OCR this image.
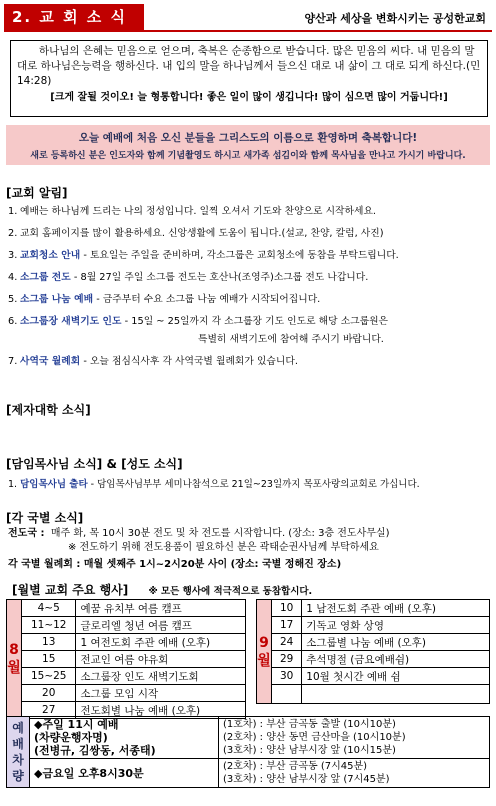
2. 교 회 소 식	양산과 세상을 변화시키는 공성한교회
하나님의 은혜는 믿음으로 얻으며, 축복은 순종함으로 받습니다. 많은 믿음의 씨다. 내 믿음의 말대로 하나님은능력을 행하신다. 내 입의 말을 하나님께서 들으신 대로 내 삶이 그 대로 되게 하신다.(민 14:28)
[크게 잘될 것이오! 늘 형통합니다! 좋은 일이 많이 생깁니다! 많이 심으면 많이 거둡니다!]
오늘 예배에 처음 오신 분들을 그리스도의 이름으로 환영하며 축복합니다!
새로 등록하신 분은 인도자와 함께 기념촬영도 하시고 새가족 섬김이와 함께 목사님을 만나고 가시기 바랍니다.
[교회 알림]
1. 예배는 하나님께 드리는 나의 정성입니다. 일찍 오셔서 기도와 찬양으로 시작하세요.
2. 교회 홈페이지를 많이 활용하세요. 신앙생활에 도움이 됩니다.(설교, 찬양, 칼럼, 사진)
3. 교회청소 안내 - 토요일는 주일을 준비하며, 각소그룹은 교회청소에 동참을 부탁드립니다.
4. 소그룹 전도 - 8월 27일 주일 소그룹 전도는 호산나(조영주)소그룹 전도 나갑니다.
5. 소그룹 나눔 예배 - 금주부터 수요 소그룹 나눔 예배가 시작되어집니다.
6. 소그룹장 새벽기도 인도 - 15일 ~ 25일까지 각 소그룹장 기도 인도로 해당 소그룹원은
특별히 새벽기도에 참여해 주시기 바랍니다.
7. 사역국 월례회 - 오늘 점심식사후 각 사역국별 월례회가 있습니다.
[제자대학 소식]
[담임목사님 소식] & [성도 소식]
1. 담임목사님 출타 - 담임목사님부부 세미나참석으로 21일~23일까지 목포사랑의교회로 가십니다.
[각 국별 소식]
전도국 : 매주 화, 목 10시 30분 전도 및 차 전도를 시작합니다. (장소: 3층 전도사무실)
※ 전도하기 위해 전도용품이 필요하신 분은 곽태순권사님께 부탁하세요
각 국별 월례회 : 매월 셋째주 1시~2시20분 사이 (장소: 국별 정해진 장소)
[월별 교회 주요 행사] ※ 모든 행사에 적극적으로 동참합시다.
8 월	4~5	예꿈 유치부 여름 캠프
	11~12	글로리엘 청년 여름 캠프
	13	1 여전도회 주관 예배 (오후)
	15	전교인 여름 야유회
	15~25	소그룹장 인도 새벽기도회
	20	소그룹 모임 시작
	27	전도회별 나눔 예배 (오후)
9 월	10	1 남전도회 주관 예배 (오후)
	17	기독교 영화 상영
	24	소그룹별 나눔 예배 (오후)
	29	추석명절 (금요예배쉼)
	30	10월 첫시간 예배 쉼

예 배 차 량	◆주일 11시 예배
(차량운행자명)
(전병규, 김쌍동, 서종태)	(1호차) : 부산 금곡동 출발 (10시10분)
(2호차) : 양산 동면 금산마을 (10시10분)
(3호차) : 양산 남부시장 앞 (10시15분)

	◆금요일 오후8시30분	(2호차) : 부산 금곡동 (7시45분)
(3호차) : 양산 남부시장 앞 (7시45분)
